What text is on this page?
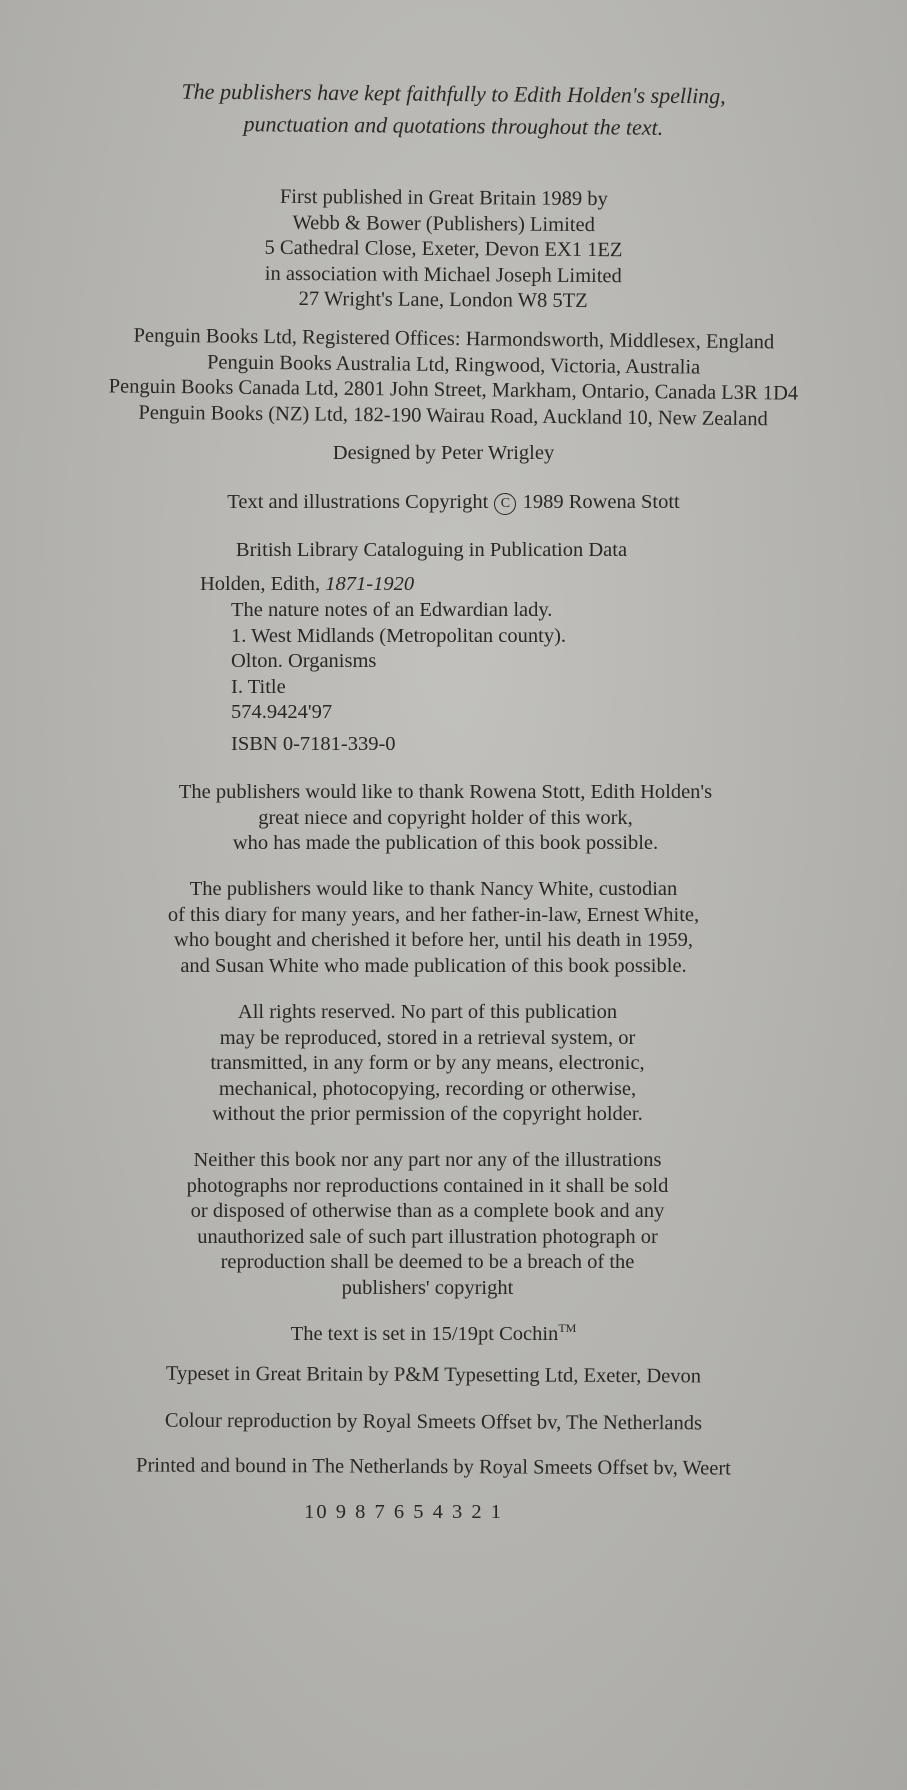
The publishers have kept faithfully to Edith Holden's spelling,
punctuation and quotations throughout the text.
First published in Great Britain 1989 by
Webb & Bower (Publishers) Limited
5 Cathedral Close, Exeter, Devon EX1 1EZ
in association with Michael Joseph Limited
27 Wright's Lane, London W8 5TZ
Penguin Books Ltd, Registered Offices: Harmondsworth, Middlesex, England
Penguin Books Australia Ltd, Ringwood, Victoria, Australia
Penguin Books Canada Ltd, 2801 John Street, Markham, Ontario, Canada L3R 1D4
Penguin Books (NZ) Ltd, 182-190 Wairau Road, Auckland 10, New Zealand
Designed by Peter Wrigley
Text and illustrations Copyright C 1989 Rowena Stott
British Library Cataloguing in Publication Data
Holden, Edith, 1871-1920
The nature notes of an Edwardian lady.
1. West Midlands (Metropolitan county).
Olton. Organisms
I. Title
574.9424'97
ISBN 0-7181-339-0
The publishers would like to thank Rowena Stott, Edith Holden's
great niece and copyright holder of this work,
who has made the publication of this book possible.
The publishers would like to thank Nancy White, custodian
of this diary for many years, and her father-in-law, Ernest White,
who bought and cherished it before her, until his death in 1959,
and Susan White who made publication of this book possible.
All rights reserved. No part of this publication
may be reproduced, stored in a retrieval system, or
transmitted, in any form or by any means, electronic,
mechanical, photocopying, recording or otherwise,
without the prior permission of the copyright holder.
Neither this book nor any part nor any of the illustrations
photographs nor reproductions contained in it shall be sold
or disposed of otherwise than as a complete book and any
unauthorized sale of such part illustration photograph or
reproduction shall be deemed to be a breach of the
publishers' copyright
The text is set in 15/19pt Cochin™
Typeset in Great Britain by P&M Typesetting Ltd, Exeter, Devon
Colour reproduction by Royal Smeets Offset bv, The Netherlands
Printed and bound in The Netherlands by Royal Smeets Offset bv, Weert
10 9 8 7 6 5 4 3 2 1
